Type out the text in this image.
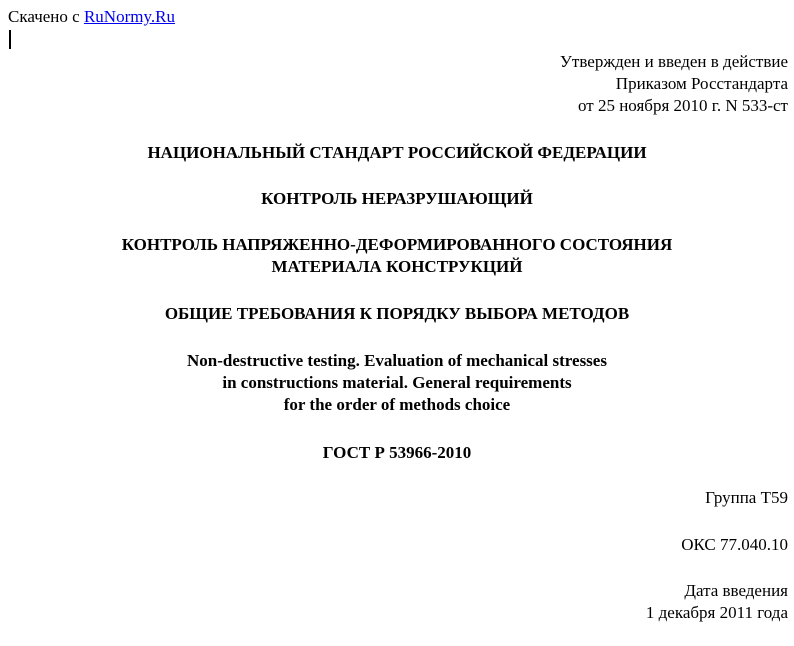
Скачено с RuNormy.Ru
Утвержден и введен в действие
Приказом Росстандарта
от 25 ноября 2010 г. N 533-ст
НАЦИОНАЛЬНЫЙ СТАНДАРТ РОССИЙСКОЙ ФЕДЕРАЦИИ
КОНТРОЛЬ НЕРАЗРУШАЮЩИЙ
КОНТРОЛЬ НАПРЯЖЕННО-ДЕФОРМИРОВАННОГО СОСТОЯНИЯ
МАТЕРИАЛА КОНСТРУКЦИЙ
ОБЩИЕ ТРЕБОВАНИЯ К ПОРЯДКУ ВЫБОРА МЕТОДОВ
Non-destructive testing. Evaluation of mechanical stresses
in constructions material. General requirements
for the order of methods choice
ГОСТ Р 53966-2010
Группа T59
ОКС 77.040.10
Дата введения
1 декабря 2011 года
